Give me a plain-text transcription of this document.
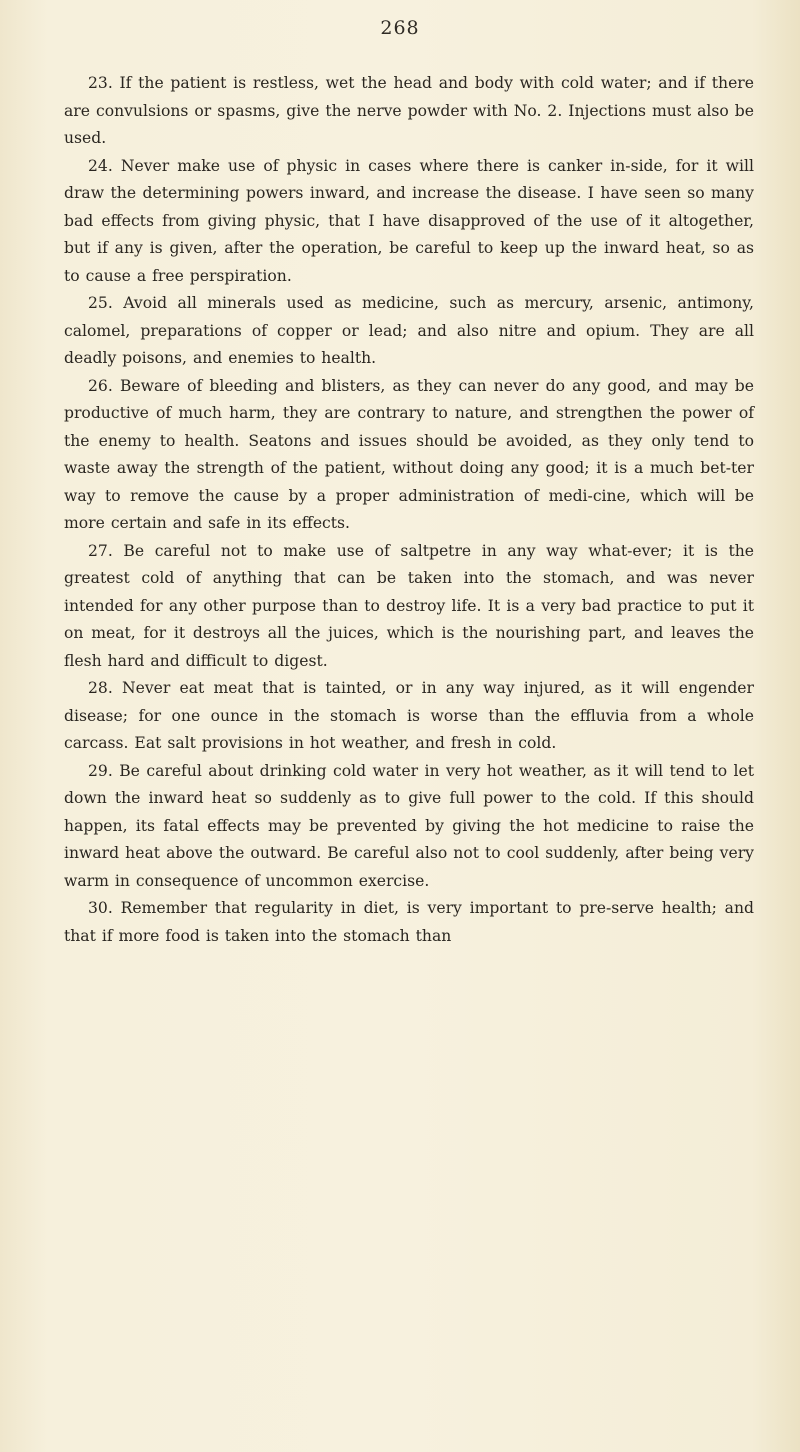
268

23. If the patient is restless, wet the head and body with cold water; and if there are convulsions or spasms, give the nerve powder with No. 2. Injections must also be used.

24. Never make use of physic in cases where there is canker in-side, for it will draw the determining powers inward, and increase the disease. I have seen so many bad effects from giving physic, that I have disapproved of the use of it altogether, but if any is given, after the operation, be careful to keep up the inward heat, so as to cause a free perspiration.

25. Avoid all minerals used as medicine, such as mercury, arsenic, antimony, calomel, preparations of copper or lead; and also nitre and opium. They are all deadly poisons, and enemies to health.

26. Beware of bleeding and blisters, as they can never do any good, and may be productive of much harm, they are contrary to nature, and strengthen the power of the enemy to health. Seatons and issues should be avoided, as they only tend to waste away the strength of the patient, without doing any good; it is a much bet-ter way to remove the cause by a proper administration of medi-cine, which will be more certain and safe in its effects.

27. Be careful not to make use of saltpetre in any way what-ever; it is the greatest cold of anything that can be taken into the stomach, and was never intended for any other purpose than to destroy life. It is a very bad practice to put it on meat, for it destroys all the juices, which is the nourishing part, and leaves the flesh hard and difficult to digest.

28. Never eat meat that is tainted, or in any way injured, as it will engender disease; for one ounce in the stomach is worse than the effluvia from a whole carcass. Eat salt provisions in hot weather, and fresh in cold.

29. Be careful about drinking cold water in very hot weather, as it will tend to let down the inward heat so suddenly as to give full power to the cold. If this should happen, its fatal effects may be prevented by giving the hot medicine to raise the inward heat above the outward. Be careful also not to cool suddenly, after being very warm in consequence of uncommon exercise.

30. Remember that regularity in diet, is very important to pre-serve health; and that if more food is taken into the stomach than
